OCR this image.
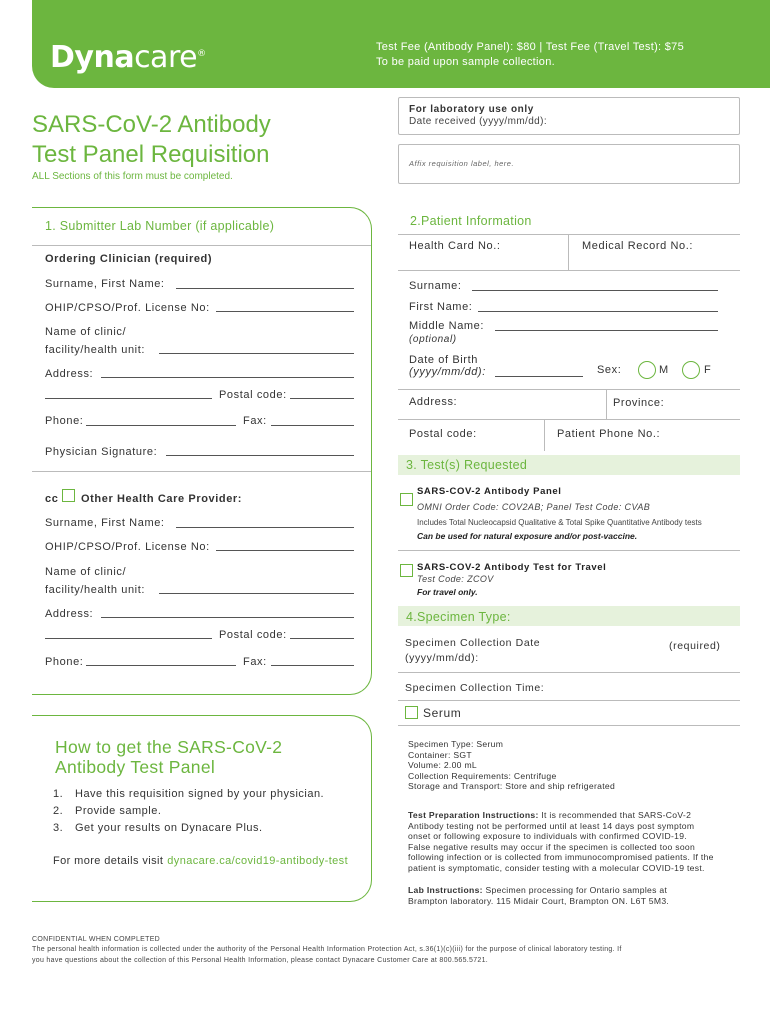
Dynacare®
Test Fee (Antibody Panel): $80 | Test Fee (Travel Test): $75
To be paid upon sample collection.
SARS-CoV-2 Antibody
Test Panel Requisition
ALL Sections of this form must be completed.
For laboratory use only
Date received (yyyy/mm/dd):
Affix requisition label, here.
1. Submitter Lab Number (if applicable)
Ordering Clinician (required)
Surname, First Name:
OHIP/CPSO/Prof. License No:
Name of clinic/
facility/health unit:
Address:
Postal code:
Phone:	Fax:
Physician Signature:
cc Other Health Care Provider:
Surname, First Name:
OHIP/CPSO/Prof. License No:
Name of clinic/
facility/health unit:
Address:
Postal code:
Phone:	Fax:
2.Patient Information
Health Card No.:	Medical Record No.:
Surname:
First Name:
Middle Name:
(optional)
Date of Birth
(yyyy/mm/dd):	Sex:	M	F
Address:	Province:
Postal code:	Patient Phone No.:
3. Test(s) Requested
SARS-COV-2 Antibody Panel
OMNI Order Code: COV2AB; Panel Test Code: CVAB
Includes Total Nucleocapsid Qualitative & Total Spike Quantitative Antibody tests
Can be used for natural exposure and/or post-vaccine.
SARS-COV-2 Antibody Test for Travel
Test Code: ZCOV
For travel only.
4.Specimen Type:
Specimen Collection Date
(yyyy/mm/dd):
(required)
Specimen Collection Time:
Serum
Specimen Type: Serum
Container: SGT
Volume: 2.00 mL
Collection Requirements: Centrifuge
Storage and Transport: Store and ship refrigerated
Test Preparation Instructions: It is recommended that SARS-CoV-2
Antibody testing not be performed until at least 14 days post symptom
onset or following exposure to individuals with confirmed COVID-19.
False negative results may occur if the specimen is collected too soon
following infection or is collected from immunocompromised patients. If the
patient is symptomatic, consider testing with a molecular COVID-19 test.
Lab Instructions: Specimen processing for Ontario samples at
Brampton laboratory. 115 Midair Court, Brampton ON. L6T 5M3.
How to get the SARS-CoV-2
Antibody Test Panel
1. Have this requisition signed by your physician.
2. Provide sample.
3. Get your results on Dynacare Plus.
For more details visit dynacare.ca/covid19-antibody-test
CONFIDENTIAL WHEN COMPLETED
The personal health information is collected under the authority of the Personal Health Information Protection Act, s.36(1)(c)(iii) for the purpose of clinical laboratory testing. If
you have questions about the collection of this Personal Health Information, please contact Dynacare Customer Care at 800.565.5721.
